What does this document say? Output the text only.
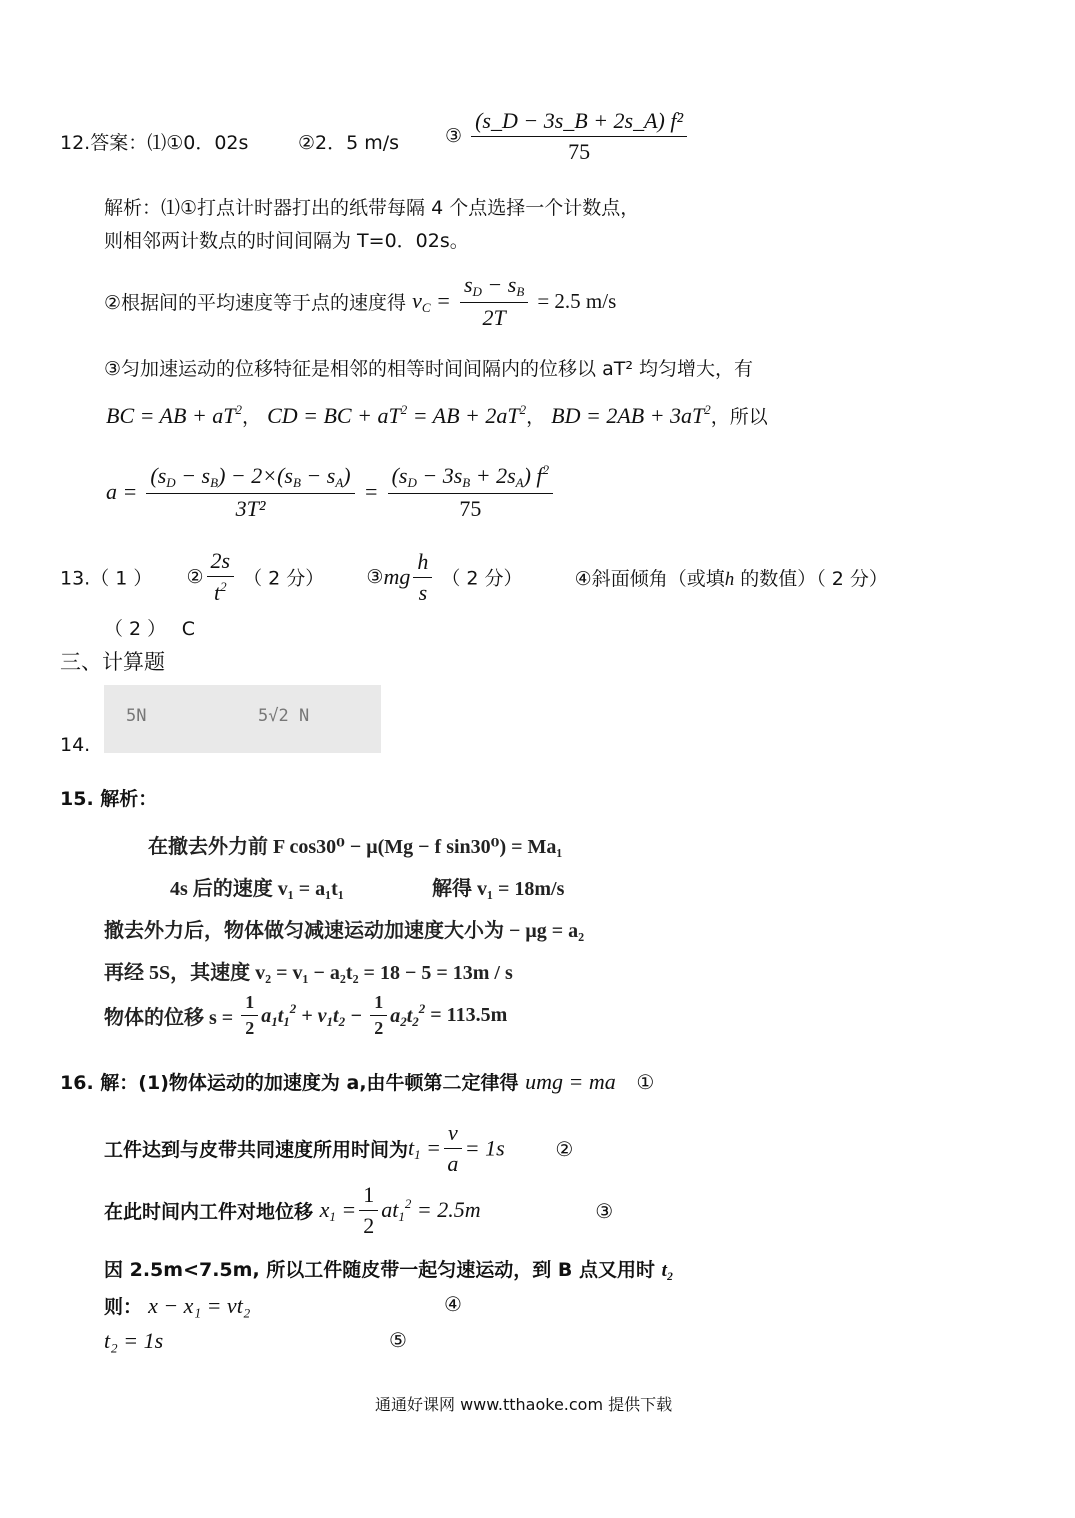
12.答案：⑴①0．02s	②2．5 m/s ③ $\frac{\text{(s\_D − 3s\_B + 2s\_A) f²}}{75}$
解析：⑴①打点计时器打出的纸带每隔 4 个点选择一个计数点，
则相邻两计数点的时间间隔为 T=0．02s。
②根据间的平均速度等于点的速度得 $v_C = \frac{s_D - s_B}{2T} = 2.5$ m/s
③匀加速运动的位移特征是相邻的相等时间间隔内的位移以 aT² 均匀增大，有
BC = AB + $aT^2$， CD = BC + $aT^2$ = AB + $2aT^2$， BD = $2AB + 3aT^2$，所以
$a = \frac{(s_D - s_B) - 2\times(s_B - s_A)}{\text{3T²}} = \frac{(s_D - 3s_B + 2s_A) f^2}{75}$
13.（ 1 ） ② $\frac{2s}{t^2}$ （ 2 分） ③mg $\frac{h}{s}$ （ 2 分）	④斜面倾角（或填h 的数值）（ 2 分）
（ 2 ）　 C
三、计算题
5N	5√2 N
14.
15. 解析：
在撤去外力前 F cos30⁰ − μ(Mg − f sin30⁰) = Ma₁
4s 后的速度 v₁ = a₁t₁	解得 v₁ = 18m/s
撤去外力后，物体做匀减速运动加速度大小为 − μg = a₂
再经 5S，其速度 v₂ = v₁ − a₂t₂ = 18 − 5 = 13m / s
物体的位移 $s = \frac{1}{2} a_1t_1^2 + v_1t_2 - \frac{1}{2} a_2t_2^2 = 113.5m$
16. 解：(1)物体运动的加速度为 a,由牛顿第二定律得 umg = ma ①
工件达到与皮带共同速度所用时间为$t_1 = \frac{v}{a} = 1s$	②
在此时间内工件对地位移 $x_1 = \frac{1}{2} at_1^2 = 2.5m$	③
因 2.5m<7.5m, 所以工件随皮带一起匀速运动，到 B 点又用时 t₂
则： x − x₁ = vt₂	④
t₂ = 1s	⑤
通通好课网 www.tthaoke.com 提供下载
